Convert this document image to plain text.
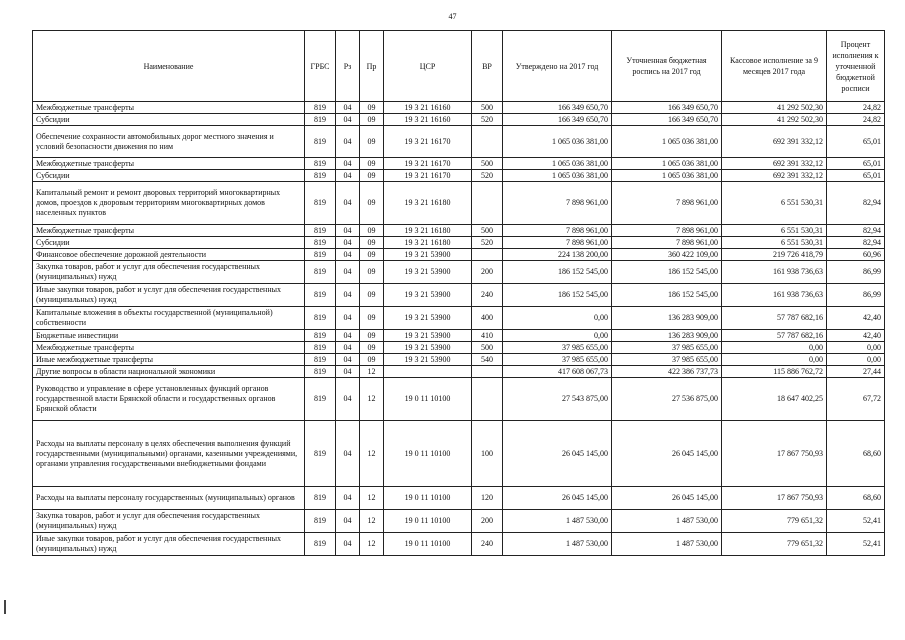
47
Наименование	ГРБС	Рз	Пр	ЦСР	ВР	Утверждено на 2017 год	Уточненная бюджетная роспись на 2017 год	Кассовое исполнение за 9 месяцев 2017 года	Процент исполнения к уточненной бюджетной росписи
Межбюджетные трансферты	819	04	09	19 3 21 16160	500	166 349 650,70	166 349 650,70	41 292 502,30	24,82
Субсидии	819	04	09	19 3 21 16160	520	166 349 650,70	166 349 650,70	41 292 502,30	24,82
Обеспечение сохранности автомобильных дорог местного значения и условий безопасности движения по ним	819	04	09	19 3 21 16170		1 065 036 381,00	1 065 036 381,00	692 391 332,12	65,01
Межбюджетные трансферты	819	04	09	19 3 21 16170	500	1 065 036 381,00	1 065 036 381,00	692 391 332,12	65,01
Субсидии	819	04	09	19 3 21 16170	520	1 065 036 381,00	1 065 036 381,00	692 391 332,12	65,01
Капитальный ремонт и ремонт дворовых территорий многоквартирных домов, проездов к дворовым территориям многоквартирных домов населенных пунктов	819	04	09	19 3 21 16180		7 898 961,00	7 898 961,00	6 551 530,31	82,94
Межбюджетные трансферты	819	04	09	19 3 21 16180	500	7 898 961,00	7 898 961,00	6 551 530,31	82,94
Субсидии	819	04	09	19 3 21 16180	520	7 898 961,00	7 898 961,00	6 551 530,31	82,94
Финансовое обеспечение дорожной деятельности	819	04	09	19 3 21 53900		224 138 200,00	360 422 109,00	219 726 418,79	60,96
Закупка товаров, работ и услуг для обеспечения государственных (муниципальных) нужд	819	04	09	19 3 21 53900	200	186 152 545,00	186 152 545,00	161 938 736,63	86,99
Иные закупки товаров, работ и услуг для обеспечения государственных (муниципальных) нужд	819	04	09	19 3 21 53900	240	186 152 545,00	186 152 545,00	161 938 736,63	86,99
Капитальные вложения в объекты государственной (муниципальной) собственности	819	04	09	19 3 21 53900	400	0,00	136 283 909,00	57 787 682,16	42,40
Бюджетные инвестиции	819	04	09	19 3 21 53900	410	0,00	136 283 909,00	57 787 682,16	42,40
Межбюджетные трансферты	819	04	09	19 3 21 53900	500	37 985 655,00	37 985 655,00	0,00	0,00
Иные межбюджетные трансферты	819	04	09	19 3 21 53900	540	37 985 655,00	37 985 655,00	0,00	0,00
Другие вопросы в области национальной экономики	819	04	12			417 608 067,73	422 386 737,73	115 886 762,72	27,44
Руководство и управление в сфере установленных функций органов государственной власти Брянской области и государственных органов Брянской области	819	04	12	19 0 11 10100		27 543 875,00	27 536 875,00	18 647 402,25	67,72
Расходы на выплаты персоналу в целях обеспечения выполнения функций государственными (муниципальными) органами, казенными учреждениями, органами управления государственными внебюджетными фондами	819	04	12	19 0 11 10100	100	26 045 145,00	26 045 145,00	17 867 750,93	68,60
Расходы на выплаты персоналу государственных (муниципальных) органов	819	04	12	19 0 11 10100	120	26 045 145,00	26 045 145,00	17 867 750,93	68,60
Закупка товаров, работ и услуг для обеспечения государственных (муниципальных) нужд	819	04	12	19 0 11 10100	200	1 487 530,00	1 487 530,00	779 651,32	52,41
Иные закупки товаров, работ и услуг для обеспечения государственных (муниципальных) нужд	819	04	12	19 0 11 10100	240	1 487 530,00	1 487 530,00	779 651,32	52,41
